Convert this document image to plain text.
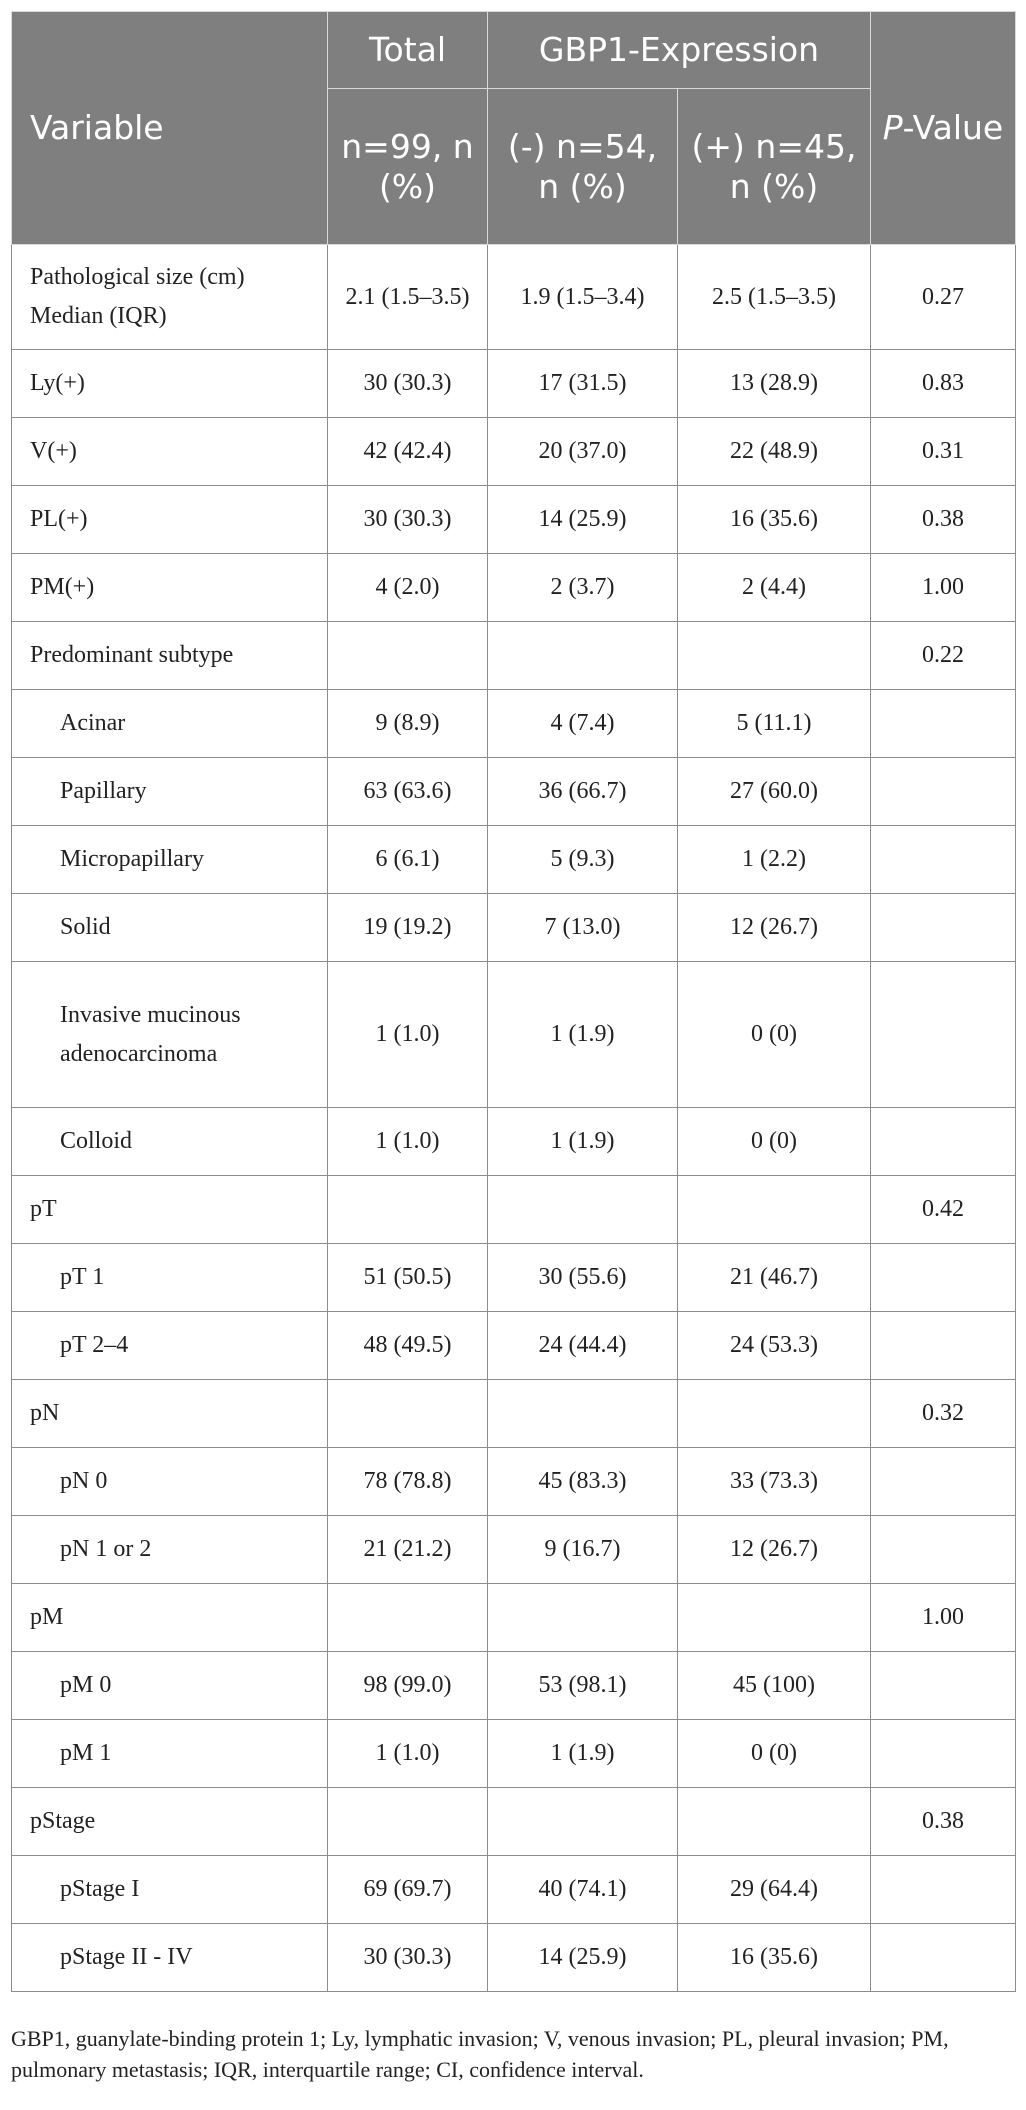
Variable	Total	GBP1-Expression		P-Value
	n=99, n (%)	(-) n=54, n (%)	(+) n=45, n (%)	
Pathological size (cm) Median (IQR)	2.1 (1.5–3.5)	1.9 (1.5–3.4)	2.5 (1.5–3.5)	0.27
Ly(+)	30 (30.3)	17 (31.5)	13 (28.9)	0.83
V(+)	42 (42.4)	20 (37.0)	22 (48.9)	0.31
PL(+)	30 (30.3)	14 (25.9)	16 (35.6)	0.38
PM(+)	4 (2.0)	2 (3.7)	2 (4.4)	1.00
Predominant subtype				0.22
Acinar	9 (8.9)	4 (7.4)	5 (11.1)	
Papillary	63 (63.6)	36 (66.7)	27 (60.0)	
Micropapillary	6 (6.1)	5 (9.3)	1 (2.2)	
Solid	19 (19.2)	7 (13.0)	12 (26.7)	
Invasive mucinous adenocarcinoma	1 (1.0)	1 (1.9)	0 (0)	
Colloid	1 (1.0)	1 (1.9)	0 (0)	
pT				0.42
pT 1	51 (50.5)	30 (55.6)	21 (46.7)	
pT 2–4	48 (49.5)	24 (44.4)	24 (53.3)	
pN				0.32
pN 0	78 (78.8)	45 (83.3)	33 (73.3)	
pN 1 or 2	21 (21.2)	9 (16.7)	12 (26.7)	
pM				1.00
pM 0	98 (99.0)	53 (98.1)	45 (100)	
pM 1	1 (1.0)	1 (1.9)	0 (0)	
pStage				0.38
pStage I	69 (69.7)	40 (74.1)	29 (64.4)	
pStage II - IV	30 (30.3)	14 (25.9)	16 (35.6)	
GBP1, guanylate-binding protein 1; Ly, lymphatic invasion; V, venous invasion; PL, pleural invasion; PM, pulmonary metastasis; IQR, interquartile range; CI, confidence interval.
